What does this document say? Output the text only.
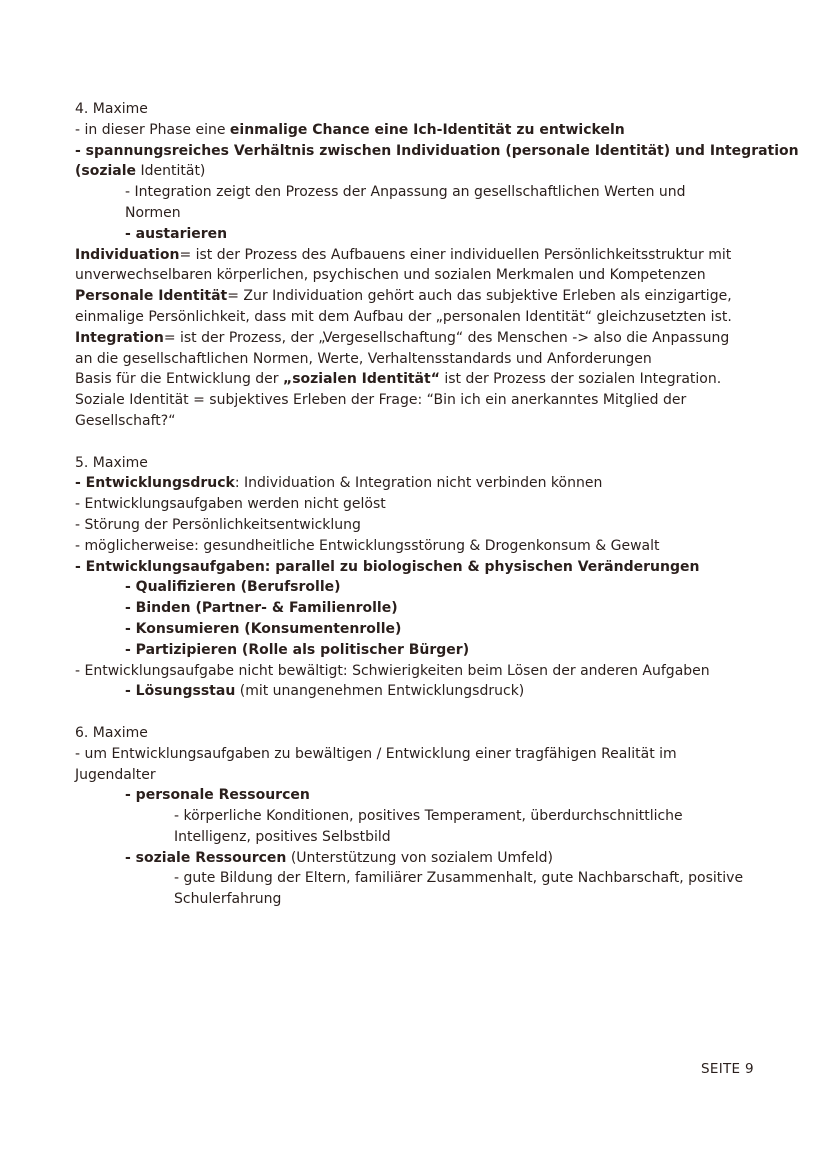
4. Maxime
- in dieser Phase eine einmalige Chance eine Ich-Identität zu entwickeln
- spannungsreiches Verhältnis zwischen Individuation (personale Identität) und Integration
(soziale Identität)
- Integration zeigt den Prozess der Anpassung an gesellschaftlichen Werten und
Normen
- austarieren
Individuation= ist der Prozess des Aufbauens einer individuellen Persönlichkeitsstruktur mit
unverwechselbaren körperlichen, psychischen und sozialen Merkmalen und Kompetenzen
Personale Identität= Zur Individuation gehört auch das subjektive Erleben als einzigartige,
einmalige Persönlichkeit, dass mit dem Aufbau der „personalen Identität“ gleichzusetzten ist.
Integration= ist der Prozess, der „Vergesellschaftung“ des Menschen -> also die Anpassung
an die gesellschaftlichen Normen, Werte, Verhaltensstandards und Anforderungen
Basis für die Entwicklung der „sozialen Identität“ ist der Prozess der sozialen Integration.
Soziale Identität = subjektives Erleben der Frage: “Bin ich ein anerkanntes Mitglied der
Gesellschaft?“
5. Maxime
- Entwicklungsdruck: Individuation & Integration nicht verbinden können
- Entwicklungsaufgaben werden nicht gelöst
- Störung der Persönlichkeitsentwicklung
- möglicherweise: gesundheitliche Entwicklungsstörung & Drogenkonsum & Gewalt
- Entwicklungsaufgaben: parallel zu biologischen & physischen Veränderungen
- Qualifizieren (Berufsrolle)
- Binden (Partner- & Familienrolle)
- Konsumieren (Konsumentenrolle)
- Partizipieren (Rolle als politischer Bürger)
- Entwicklungsaufgabe nicht bewältigt: Schwierigkeiten beim Lösen der anderen Aufgaben
- Lösungsstau (mit unangenehmen Entwicklungsdruck)
6. Maxime
- um Entwicklungsaufgaben zu bewältigen / Entwicklung einer tragfähigen Realität im
Jugendalter
- personale Ressourcen
- körperliche Konditionen, positives Temperament, überdurchschnittliche
Intelligenz, positives Selbstbild
- soziale Ressourcen (Unterstützung von sozialem Umfeld)
- gute Bildung der Eltern, familiärer Zusammenhalt, gute Nachbarschaft, positive
Schulerfahrung
SEITE 9
